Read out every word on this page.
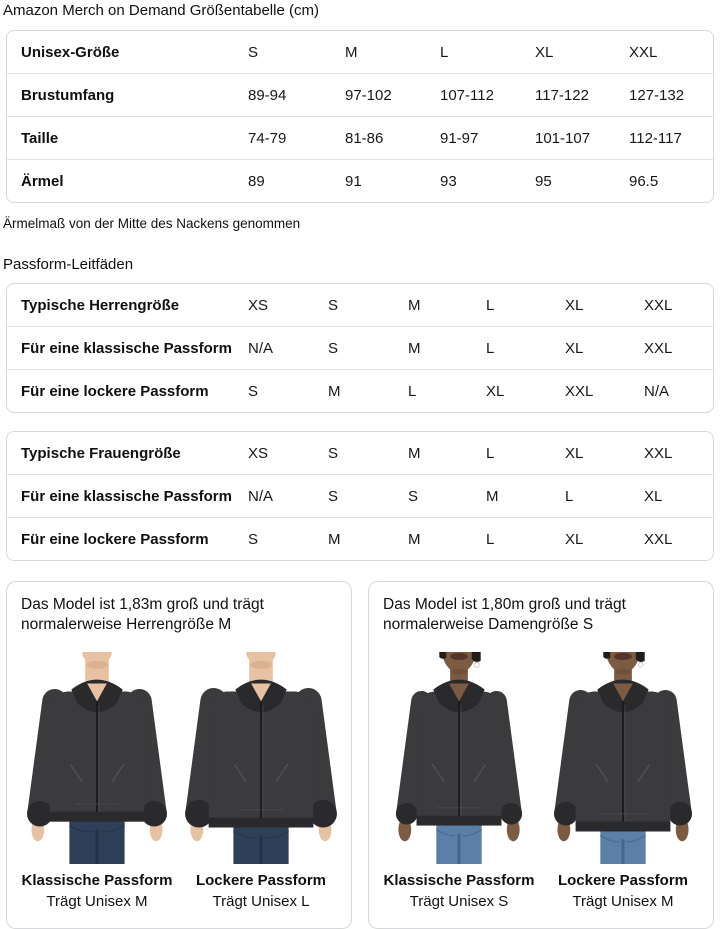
Amazon Merch on Demand Größentabelle (cm)
Unisex-Größe	S	M	L	XL	XXL
Brustumfang	89-94	97-102	107-112	117-122	127-132
Taille	74-79	81-86	91-97	101-107	112-117
Ärmel	89	91	93	95	96.5
Ärmelmaß von der Mitte des Nackens genommen
Passform-Leitfäden
Typische Herrengröße	XS	S	M	L	XL	XXL
Für eine klassische Passform	N/A	S	M	L	XL	XXL
Für eine lockere Passform	S	M	L	XL	XXL	N/A
Typische Frauengröße	XS	S	M	L	XL	XXL
Für eine klassische Passform	N/A	S	S	M	L	XL
Für eine lockere Passform	S	M	M	L	XL	XXL

Das Model ist 1,83m groß und trägt normalerweise Herrengröße M

Klassische Passform
Trägt Unisex M
Lockere Passform
Trägt Unisex L

Das Model ist 1,80m groß und trägt normalerweise Damengröße S

Klassische Passform
Trägt Unisex S
Lockere Passform
Trägt Unisex M
